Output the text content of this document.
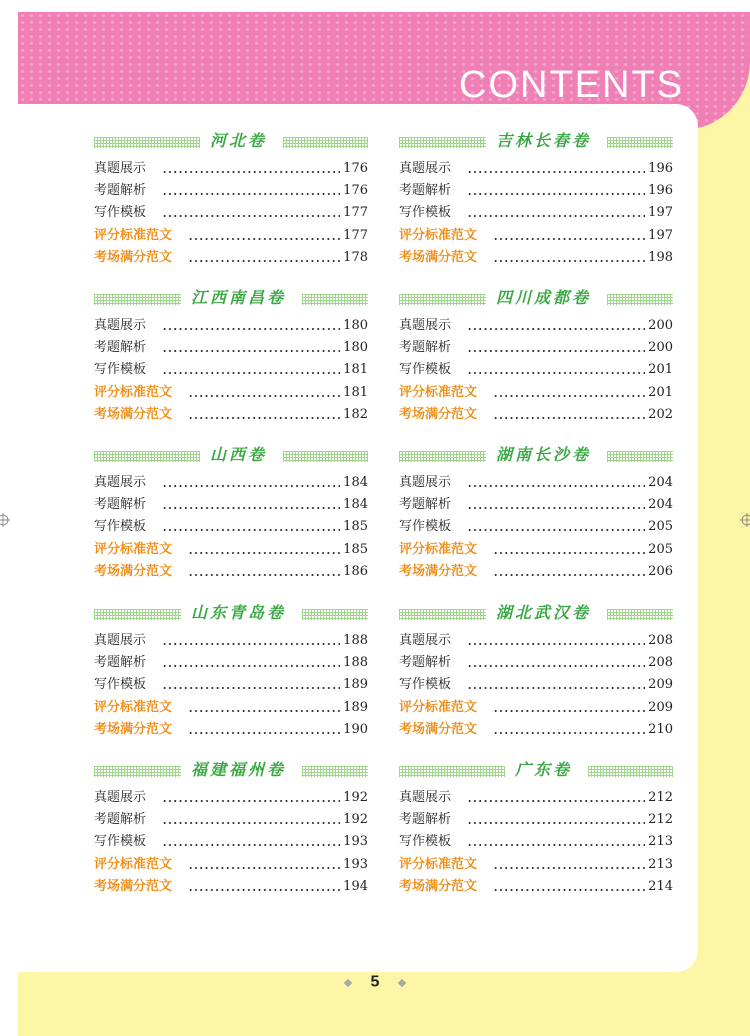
CONTENTS
河北卷
真题展示	176
考题解析	176
写作模板	177
评分标准范文	177
考场满分范文	178
吉林长春卷
真题展示	196
考题解析	196
写作模板	197
评分标准范文	197
考场满分范文	198
江西南昌卷
真题展示	180
考题解析	180
写作模板	181
评分标准范文	181
考场满分范文	182
四川成都卷
真题展示	200
考题解析	200
写作模板	201
评分标准范文	201
考场满分范文	202
山西卷
真题展示	184
考题解析	184
写作模板	185
评分标准范文	185
考场满分范文	186
湖南长沙卷
真题展示	204
考题解析	204
写作模板	205
评分标准范文	205
考场满分范文	206
山东青岛卷
真题展示	188
考题解析	188
写作模板	189
评分标准范文	189
考场满分范文	190
湖北武汉卷
真题展示	208
考题解析	208
写作模板	209
评分标准范文	209
考场满分范文	210
福建福州卷
真题展示	192
考题解析	192
写作模板	193
评分标准范文	193
考场满分范文	194
广东卷
真题展示	212
考题解析	212
写作模板	213
评分标准范文	213
考场满分范文	214
5
